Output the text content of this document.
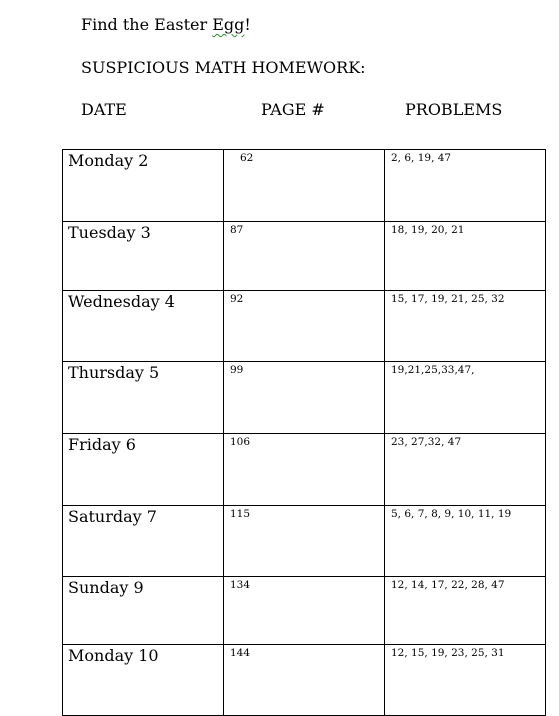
Find the Easter Egg!
SUSPICIOUS MATH HOMEWORK:
DATE	PAGE #	PROBLEMS
Monday 2	62	2, 6, 19, 47

Tuesday 3	87	18, 19, 20, 21

Wednesday 4	92	15, 17, 19, 21, 25, 32

Thursday 5	99	19,21,25,33,47,

Friday 6	106	23, 27,32, 47

Saturday 7	115	5, 6, 7, 8, 9, 10, 11, 19

Sunday 9	134	12, 14, 17, 22, 28, 47

Monday 10	144	12, 15, 19, 23, 25, 31
